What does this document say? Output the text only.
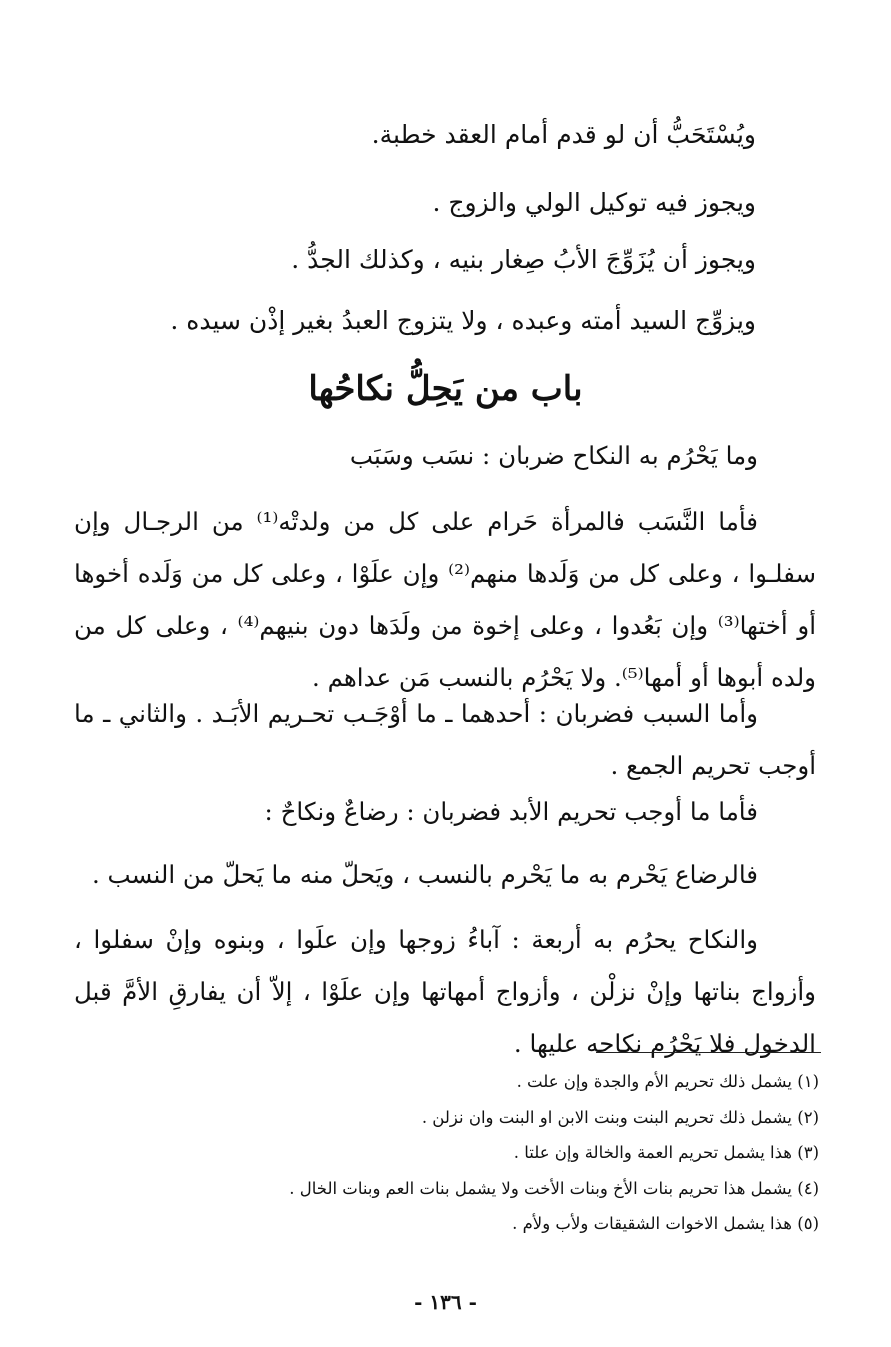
ويُسْتَحَبُّ أن لو قدم أمام العقد خطبة.
ويجوز فيه توكيل الولي والزوج .
ويجوز أن يُزَوِّجَ الأبُ صِغار بنيه ، وكذلك الجدُّ .
ويزوِّج السيد أمته وعبده ، ولا يتزوج العبدُ بغير إذْن سيده .
باب من يَحِلُّ نكاحُها
وما يَحْرُم به النكاح ضربان : نسَب وسَبَب
فأما النَّسَب فالمرأة حَرام على كل من ولدتْه⁽¹⁾ من الرجـال وإن سفلـوا ، وعلى كل من وَلَدها منهم⁽²⁾ وإن علَوْا ، وعلى كل من وَلَده أخوها أو أختها⁽³⁾ وإن بَعُدوا ، وعلى إخوة من ولَدَها دون بنيهم⁽⁴⁾ ، وعلى كل من ولده أبوها أو أمها⁽⁵⁾. ولا يَحْرُم بالنسب مَن عداهم .
وأما السبب فضربان : أحدهما ـ ما أوْجَـب تحـريم الأبَـد . والثاني ـ ما أوجب تحريم الجمع .
فأما ما أوجب تحريم الأبد فضربان : رضاعٌ ونكاحٌ :
فالرضاع يَحْرم به ما يَحْرم بالنسب ، ويَحلّ منه ما يَحلّ من النسب .
والنكاح يحرُم به أربعة : آباءُ زوجها وإن علَوا ، وبنوه وإنْ سفلوا ، وأزواج بناتها وإنْ نزلْن ، وأزواج أمهاتها وإن علَوْا ، إلاّ أن يفارقِ الأمَّ قبل الدخول فلا يَحْرُم نكاحه عليها .
(١) يشمل ذلك تحريم الأم والجدة وإن علت .
(٢) يشمل ذلك تحريم البنت وبنت الابن او البنت وان نزلن .
(٣) هذا يشمل تحريم العمة والخالة وإن علتا .
(٤) يشمل هذا تحريم بنات الأخ وبنات الأخت ولا يشمل بنات العم وبنات الخال .
(٥) هذا يشمل الاخوات الشقيقات ولأب ولأم .
- ١٣٦ -
